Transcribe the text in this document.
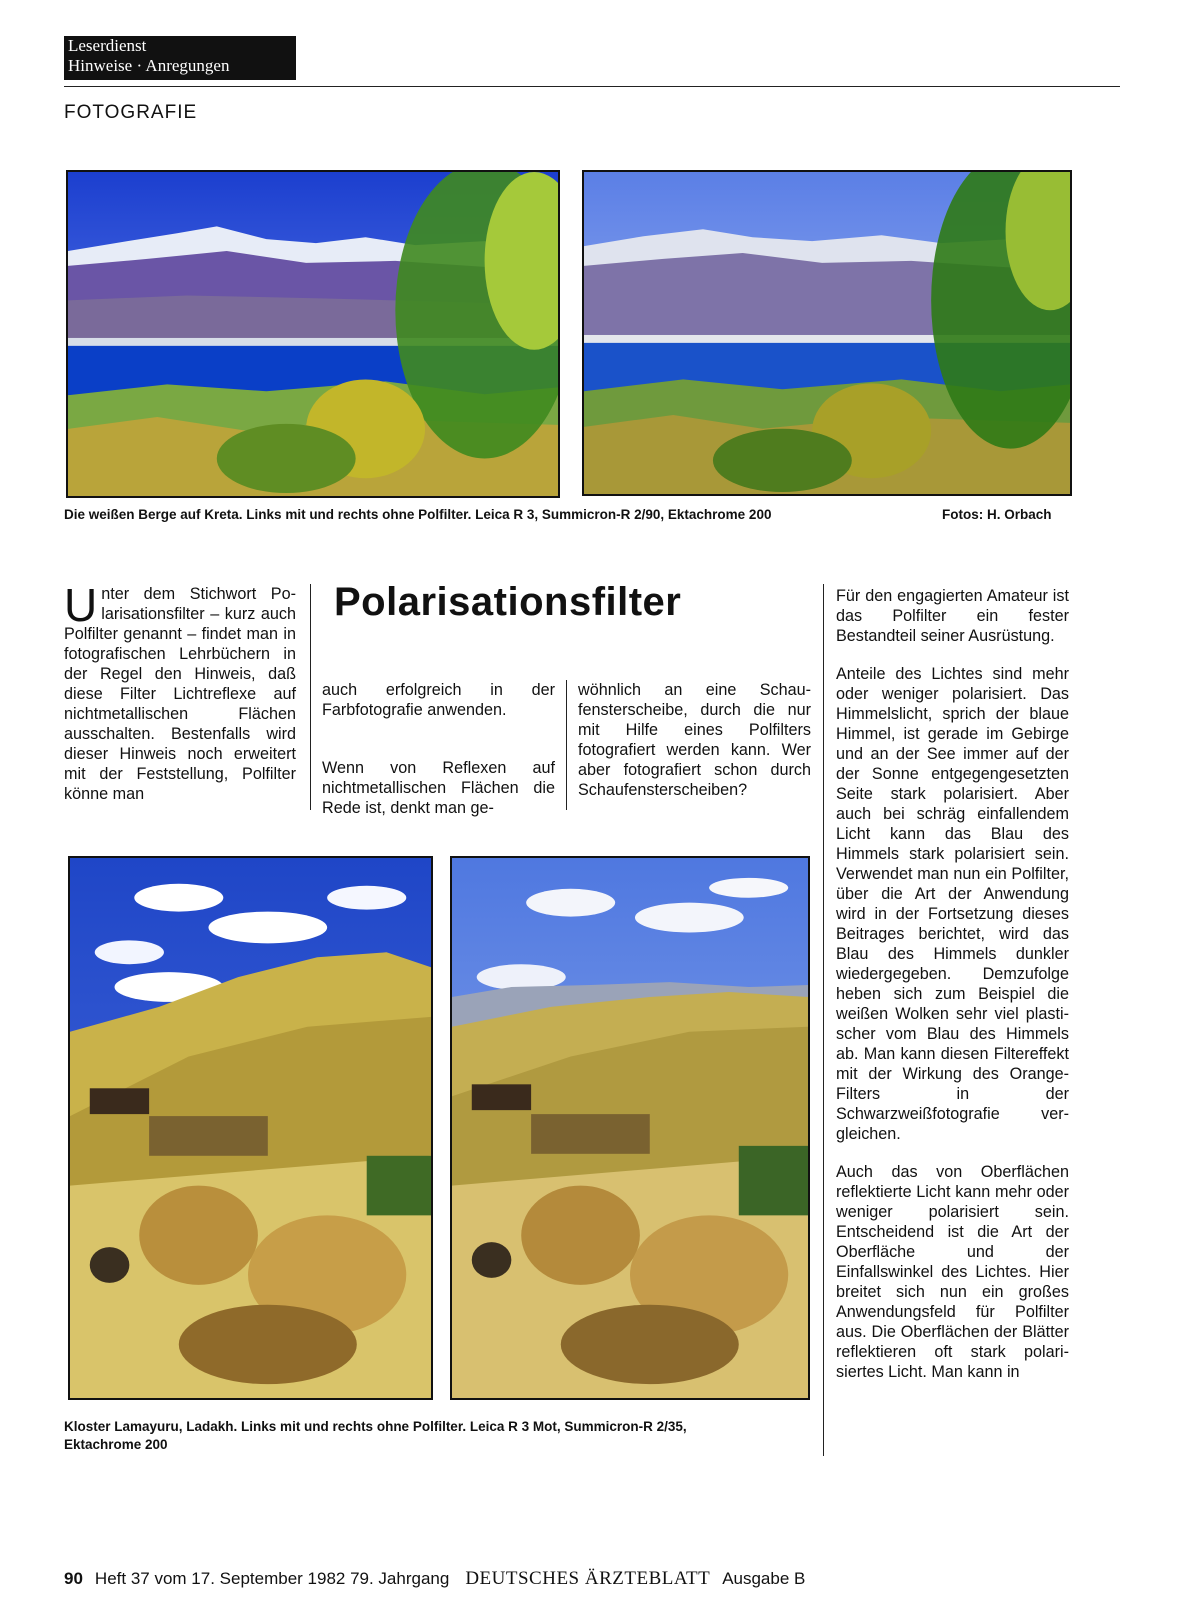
Leserdienst
Hinweise · Anregungen
FOTOGRAFIE
Die weißen Berge auf Kreta. Links mit und rechts ohne Polfilter. Leica R 3, Summicron-R 2/90, Ektachrome 200	Fotos: H. Orbach

Unter dem Stichwort Polarisationsfilter – kurz auch Polfilter genannt – findet man in fotografischen Lehrbüchern in der Regel den Hinweis, daß diese Filter Lichtreflexe auf nichtmetallischen Flächen ausschalten. Bestenfalls wird dieser Hinweis noch erweitert mit der Feststellung, Polfilter könne man

Polarisationsfilter

auch erfolgreich in der Farbfotografie anwenden.

Wenn von Reflexen auf nichtmetallischen Flächen die Rede ist, denkt man ge-

wöhnlich an eine Schaufensterscheibe, durch die nur mit Hilfe eines Polfilters fotografiert werden kann. Wer aber fotografiert schon durch Schaufensterscheiben?

Für den engagierten Amateur ist das Polfilter ein fester Bestandteil seiner Ausrüstung.

Anteile des Lichtes sind mehr oder weniger polarisiert. Das Himmelslicht, sprich der blaue Himmel, ist gerade im Gebirge und an der See immer auf der der Sonne entgegengesetzten Seite stark polarisiert. Aber auch bei schräg einfallendem Licht kann das Blau des Himmels stark polarisiert sein. Verwendet man nun ein Polfilter, über die Art der Anwendung wird in der Fortsetzung dieses Beitrages berichtet, wird das Blau des Himmels dunkler wiedergegeben. Demzufolge heben sich zum Beispiel die weißen Wolken sehr viel plastischer vom Blau des Himmels ab. Man kann diesen Filtereffekt mit der Wirkung des Orange-Filters in der Schwarzweißfotografie vergleichen.

Auch das von Oberflächen reflektierte Licht kann mehr oder weniger polarisiert sein. Entscheidend ist die Art der Oberfläche und der Einfallswinkel des Lichtes. Hier breitet sich nun ein großes Anwendungsfeld für Polfilter aus. Die Oberflächen der Blätter reflektieren oft stark polarisiertes Licht. Man kann in

Kloster Lamayuru, Ladakh. Links mit und rechts ohne Polfilter. Leica R 3 Mot, Summicron-R 2/35,
Ektachrome 200
90 Heft 37 vom 17. September 1982 79. Jahrgang DEUTSCHES ÄRZTEBLATT Ausgabe B
